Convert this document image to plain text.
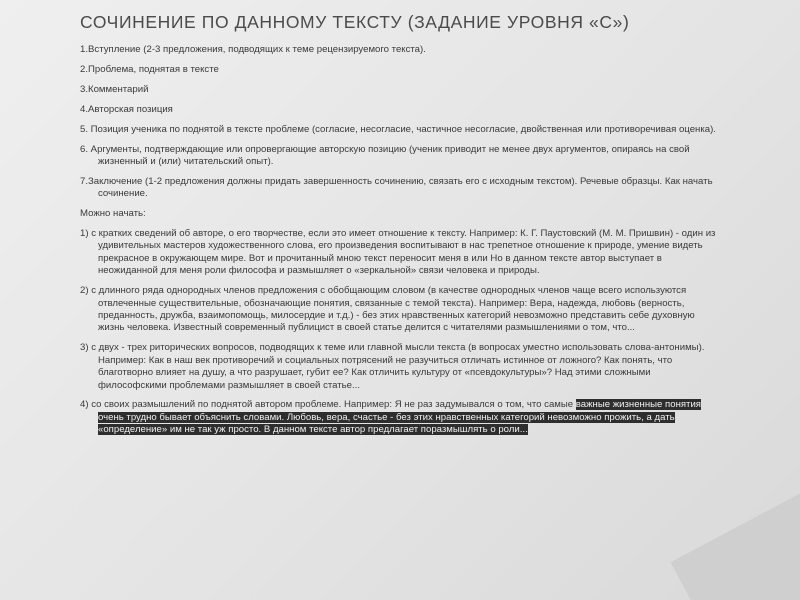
СОЧИНЕНИЕ ПО ДАННОМУ ТЕКСТУ (ЗАДАНИЕ УРОВНЯ «С»)

1.Вступление (2-3 предложения, подводящих к теме рецензируемого текста).

2.Проблема, поднятая в тексте

3.Комментарий

4.Авторская позиция

5. Позиция ученика по поднятой в тексте проблеме (согласие, несогласие, частичное несогласие, двойственная или противоречивая оценка).

6. Аргументы, подтверждающие или опровергающие авторскую позицию (ученик приводит не менее двух аргументов, опираясь на свой жизненный и (или) читательский опыт).

7.Заключение (1-2 предложения должны придать завершенность сочинению, связать его с исходным текстом). Речевые образцы. Как начать сочинение.

Можно начать:

1) с кратких сведений об авторе, о его творчестве, если это имеет отношение к тексту. Например: К. Г. Паустовский (М. М. Пришвин) - один из удивительных мастеров художественного слова, его произведения воспитывают в нас трепетное отношение к природе, умение видеть прекрасное в окружающем мире. Вот и прочитанный мною текст переносит меня в или Но в данном тексте автор выступает в неожиданной для меня роли философа и размышляет о «зеркальной» связи человека и природы.

2) с длинного ряда однородных членов предложения с обобщающим словом (в качестве однородных членов чаще всего используются отвлеченные существительные, обозначающие понятия, связанные с темой текста). Например: Вера, надежда, любовь (верность, преданность, дружба, взаимопомощь, милосердие и т.д.) - без этих нравственных категорий невозможно представить себе духовную жизнь человека. Известный современный публицист в своей статье делится с читателями размышлениями о том, что...

3) с двух - трех риторических вопросов, подводящих к теме или главной мысли текста (в вопросах уместно использовать слова-антонимы). Например: Как в наш век противоречий и социальных потрясений не разучиться отличать истинное от ложного? Как понять, что благотворно влияет на душу, а что разрушает, губит ее? Как отличить культуру от «псевдокультуры»? Над этими сложными философскими проблемами размышляет в своей статье...

4) со своих размышлений по поднятой автором проблеме. Например: Я не раз задумывался о том, что самые важные жизненные понятия очень трудно бывает объяснить словами. Любовь, вера, счастье - без этих нравственных категорий невозможно прожить, а дать «определение» им не так уж просто. В данном тексте автор предлагает поразмышлять о роли...
